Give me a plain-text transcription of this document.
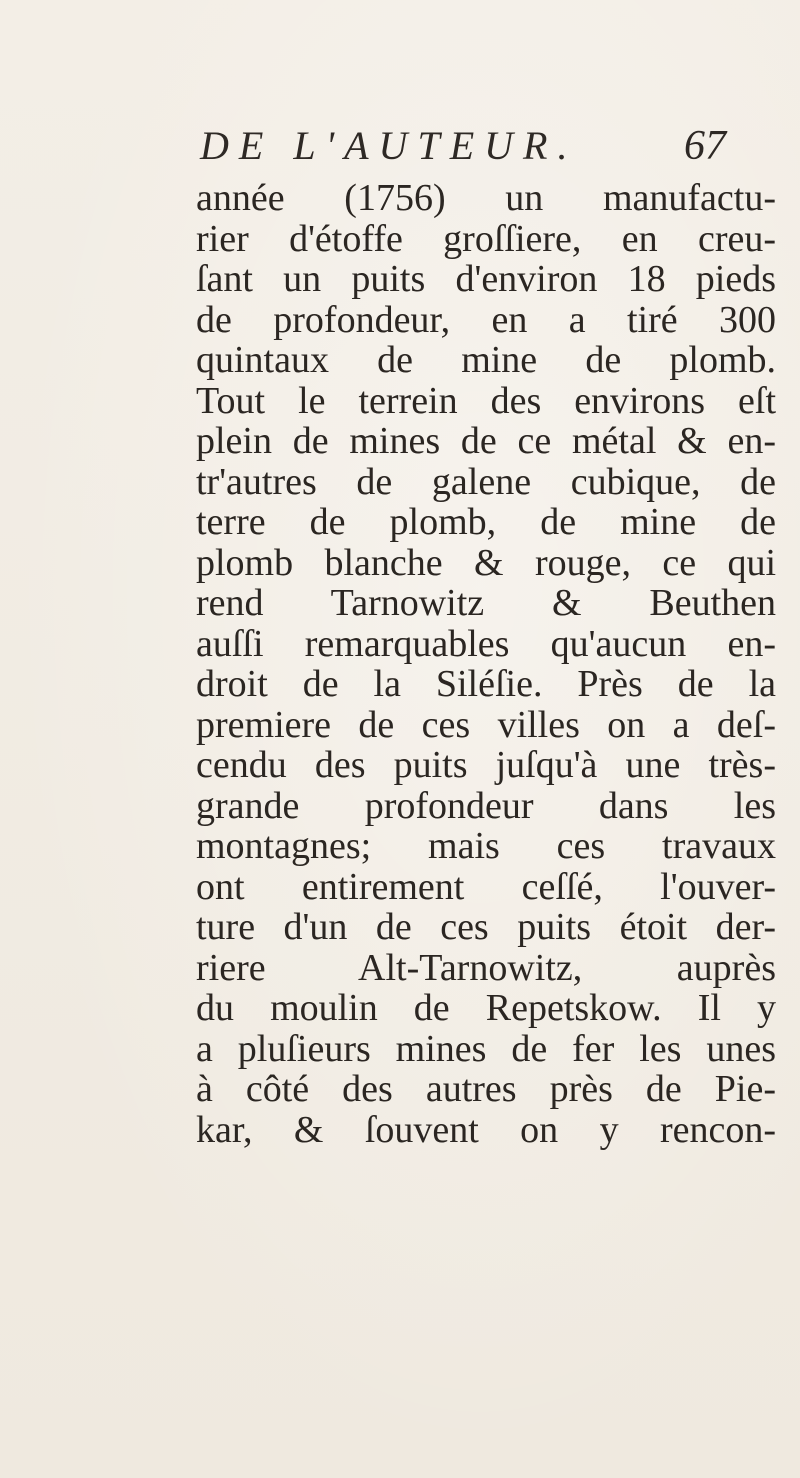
DE L'AUTEUR.	67
année (1756) un manufactu-
rier d'étoffe groſſiere, en creu-
ſant un puits d'environ 18 pieds
de profondeur, en a tiré 300
quintaux de mine de plomb.
Tout le terrein des environs eſt
plein de mines de ce métal & en-
tr'autres de galene cubique, de
terre de plomb, de mine de
plomb blanche & rouge, ce qui
rend Tarnowitz & Beuthen
auſſi remarquables qu'aucun en-
droit de la Siléſie. Près de la
premiere de ces villes on a deſ-
cendu des puits juſqu'à une très-
grande profondeur dans les
montagnes; mais ces travaux
ont entirement ceſſé, l'ouver-
ture d'un de ces puits étoit der-
riere Alt-Tarnowitz, auprès
du moulin de Repetskow. Il y
a pluſieurs mines de fer les unes
à côté des autres près de Pie-
kar, & ſouvent on y rencon-
